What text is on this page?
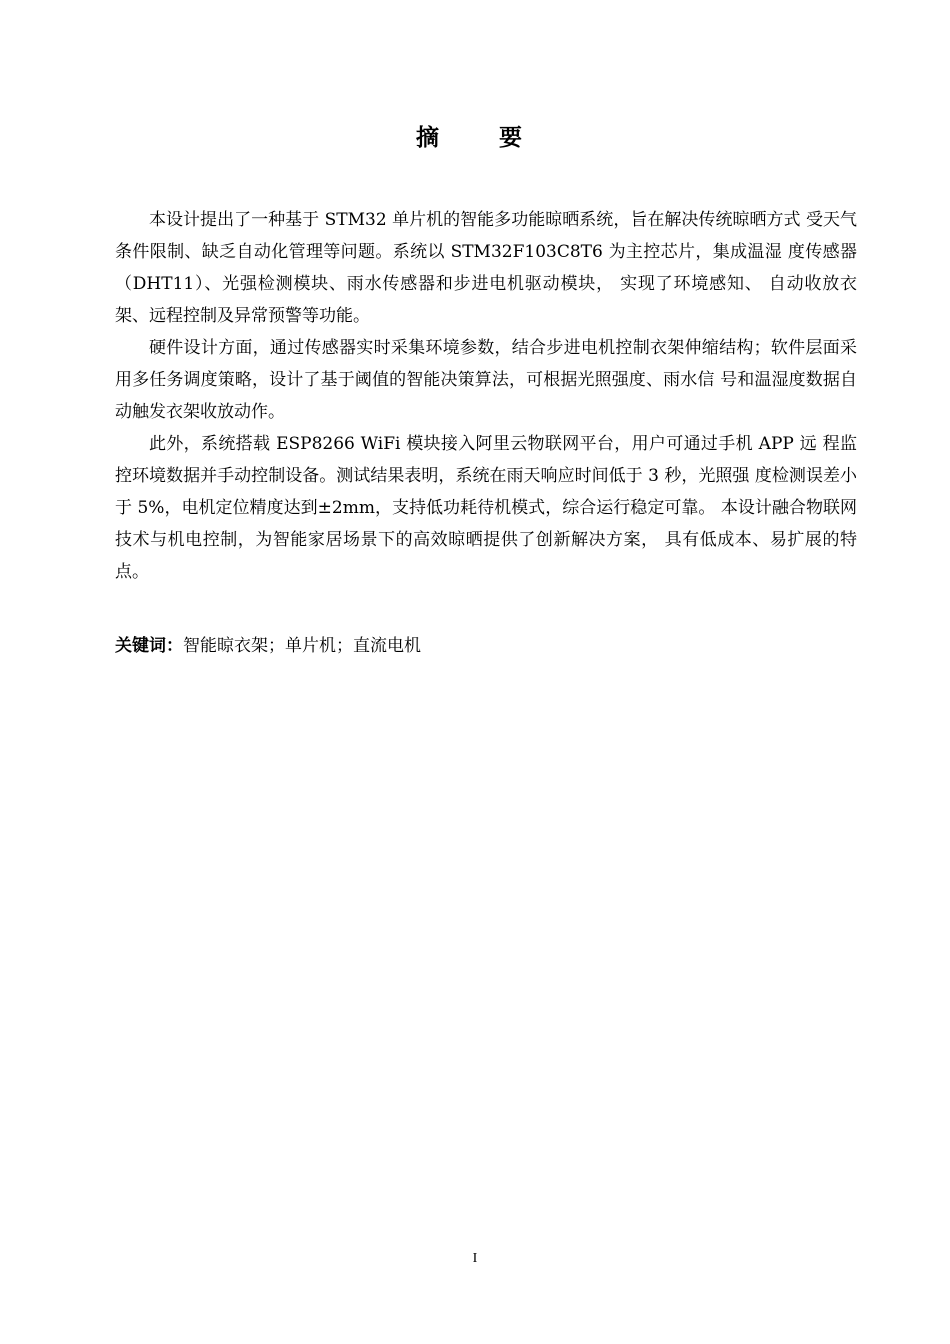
摘 要

本设计提出了一种基于 STM32 单片机的智能多功能晾晒系统，旨在解决传统晾晒方式 受天气条件限制、缺乏自动化管理等问题。系统以 STM32F103C8T6 为主控芯片，集成温湿 度传感器（DHT11）、光强检测模块、雨水传感器和步进电机驱动模块， 实现了环境感知、 自动收放衣架、远程控制及异常预警等功能。

硬件设计方面，通过传感器实时采集环境参数，结合步进电机控制衣架伸缩结构；软件层面采用多任务调度策略，设计了基于阈值的智能决策算法，可根据光照强度、雨水信 号和温湿度数据自动触发衣架收放动作。

此外，系统搭载 ESP8266 WiFi 模块接入阿里云物联网平台，用户可通过手机 APP 远 程监控环境数据并手动控制设备。测试结果表明，系统在雨天响应时间低于 3 秒，光照强 度检测误差小于 5%，电机定位精度达到±2mm，支持低功耗待机模式，综合运行稳定可靠。 本设计融合物联网技术与机电控制，为智能家居场景下的高效晾晒提供了创新解决方案， 具有低成本、易扩展的特点。

关键词：智能晾衣架；单片机；直流电机
I
